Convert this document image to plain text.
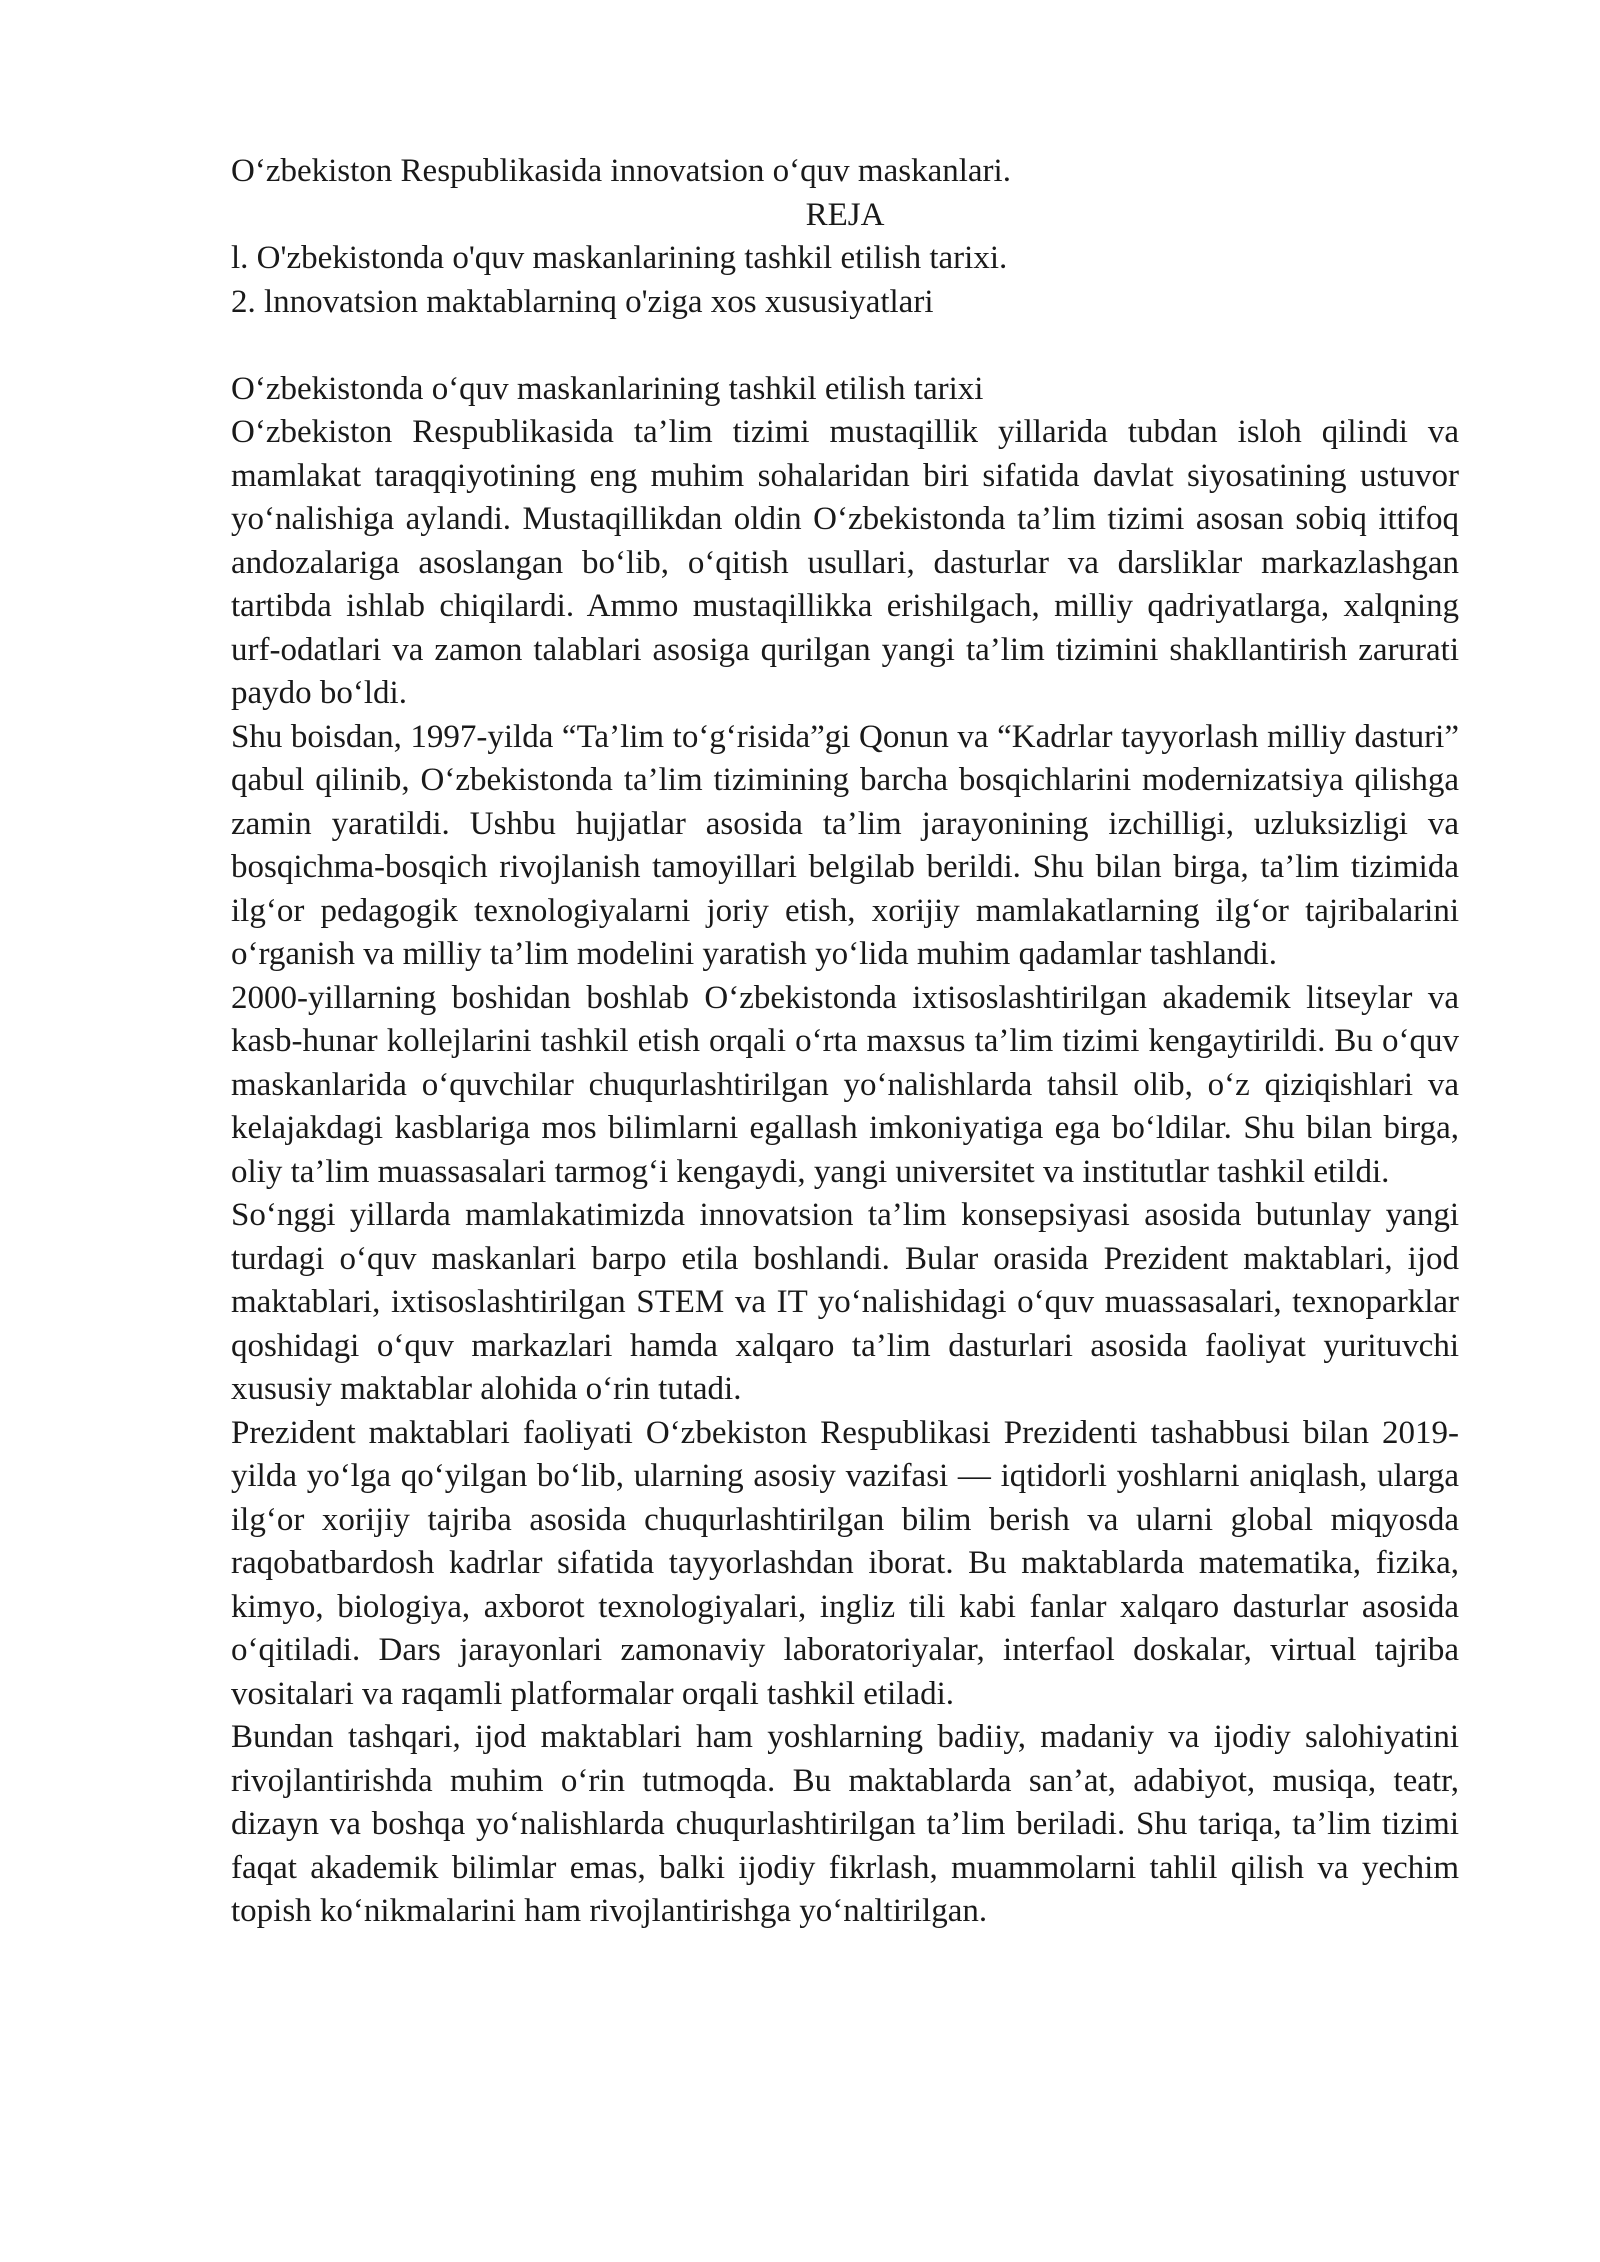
O‘zbekiston Respublikasida innovatsion o‘quv maskanlari.

REJA

l. O'zbekistonda o'quv maskanlarining tashkil etilish tarixi.

2. lnnovatsion maktablarninq o'ziga xos xususiyatlari

O‘zbekistonda o‘quv maskanlarining tashkil etilish tarixi

O‘zbekiston Respublikasida ta’lim tizimi mustaqillik yillarida tubdan isloh qilindi va mamlakat taraqqiyotining eng muhim sohalaridan biri sifatida davlat siyosatining ustuvor yo‘nalishiga aylandi. Mustaqillikdan oldin O‘zbekistonda ta’lim tizimi asosan sobiq ittifoq andozalariga asoslangan bo‘lib, o‘qitish usullari, dasturlar va darsliklar markazlashgan tartibda ishlab chiqilardi. Ammo mustaqillikka erishilgach, milliy qadriyatlarga, xalqning urf-odatlari va zamon talablari asosiga qurilgan yangi ta’lim tizimini shakllantirish zarurati paydo bo‘ldi.

Shu boisdan, 1997-yilda “Ta’lim to‘g‘risida”gi Qonun va “Kadrlar tayyorlash milliy dasturi” qabul qilinib, O‘zbekistonda ta’lim tizimining barcha bosqichlarini modernizatsiya qilishga zamin yaratildi. Ushbu hujjatlar asosida ta’lim jarayonining izchilligi, uzluksizligi va bosqichma-bosqich rivojlanish tamoyillari belgilab berildi. Shu bilan birga, ta’lim tizimida ilg‘or pedagogik texnologiyalarni joriy etish, xorijiy mamlakatlarning ilg‘or tajribalarini o‘rganish va milliy ta’lim modelini yaratish yo‘lida muhim qadamlar tashlandi.

2000-yillarning boshidan boshlab O‘zbekistonda ixtisoslashtirilgan akademik litseylar va kasb-hunar kollejlarini tashkil etish orqali o‘rta maxsus ta’lim tizimi kengaytirildi. Bu o‘quv maskanlarida o‘quvchilar chuqurlashtirilgan yo‘nalishlarda tahsil olib, o‘z qiziqishlari va kelajakdagi kasblariga mos bilimlarni egallash imkoniyatiga ega bo‘ldilar. Shu bilan birga, oliy ta’lim muassasalari tarmog‘i kengaydi, yangi universitet va institutlar tashkil etildi.

So‘nggi yillarda mamlakatimizda innovatsion ta’lim konsepsiyasi asosida butunlay yangi turdagi o‘quv maskanlari barpo etila boshlandi. Bular orasida Prezident maktablari, ijod maktablari, ixtisoslashtirilgan STEM va IT yo‘nalishidagi o‘quv muassasalari, texnoparklar qoshidagi o‘quv markazlari hamda xalqaro ta’lim dasturlari asosida faoliyat yurituvchi xususiy maktablar alohida o‘rin tutadi.

Prezident maktablari faoliyati O‘zbekiston Respublikasi Prezidenti tashabbusi bilan 2019-yilda yo‘lga qo‘yilgan bo‘lib, ularning asosiy vazifasi — iqtidorli yoshlarni aniqlash, ularga ilg‘or xorijiy tajriba asosida chuqurlashtirilgan bilim berish va ularni global miqyosda raqobatbardosh kadrlar sifatida tayyorlashdan iborat. Bu maktablarda matematika, fizika, kimyo, biologiya, axborot texnologiyalari, ingliz tili kabi fanlar xalqaro dasturlar asosida o‘qitiladi. Dars jarayonlari zamonaviy laboratoriyalar, interfaol doskalar, virtual tajriba vositalari va raqamli platformalar orqali tashkil etiladi.

Bundan tashqari, ijod maktablari ham yoshlarning badiiy, madaniy va ijodiy salohiyatini rivojlantirishda muhim o‘rin tutmoqda. Bu maktablarda san’at, adabiyot, musiqa, teatr, dizayn va boshqa yo‘nalishlarda chuqurlashtirilgan ta’lim beriladi. Shu tariqa, ta’lim tizimi faqat akademik bilimlar emas, balki ijodiy fikrlash, muammolarni tahlil qilish va yechim topish ko‘nikmalarini ham rivojlantirishga yo‘naltirilgan.
